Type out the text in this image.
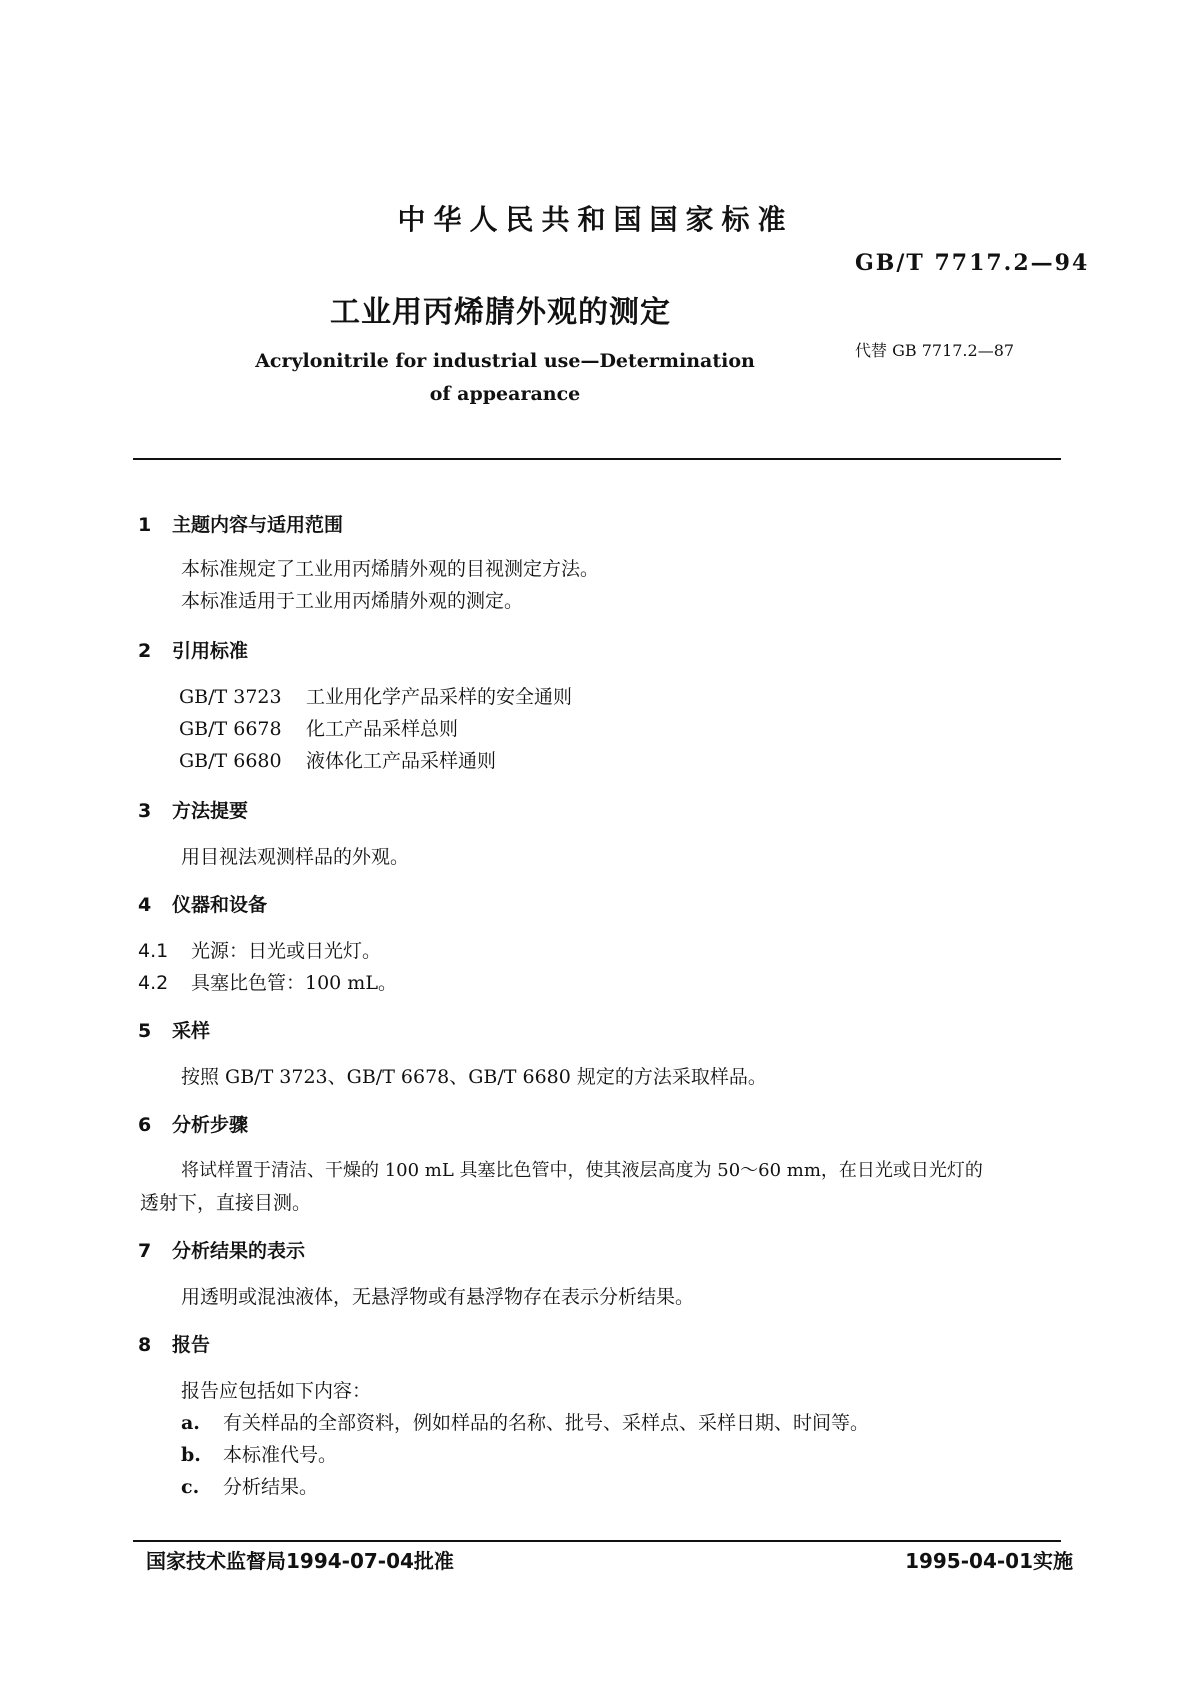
中华人民共和国国家标准
GB/T 7717.2—94
工业用丙烯腈外观的测定
代替 GB 7717.2—87
Acrylonitrile for industrial use—Determination
of appearance
1 主题内容与适用范围
本标准规定了工业用丙烯腈外观的目视测定方法。
本标准适用于工业用丙烯腈外观的测定。
2 引用标准
GB/T 3723 工业用化学产品采样的安全通则
GB/T 6678 化工产品采样总则
GB/T 6680 液体化工产品采样通则
3 方法提要
用目视法观测样品的外观。
4 仪器和设备
4.1 光源：日光或日光灯。
4.2 具塞比色管：100 mL。
5 采样
按照 GB/T 3723、GB/T 6678、GB/T 6680 规定的方法采取样品。
6 分析步骤
将试样置于清洁、干燥的 100 mL 具塞比色管中，使其液层高度为 50～60 mm，在日光或日光灯的
透射下，直接目测。
7 分析结果的表示
用透明或混浊液体，无悬浮物或有悬浮物存在表示分析结果。
8 报告
报告应包括如下内容：
a. 有关样品的全部资料，例如样品的名称、批号、采样点、采样日期、时间等。
b. 本标准代号。
c. 分析结果。
国家技术监督局1994-07-04批准	1995-04-01实施
